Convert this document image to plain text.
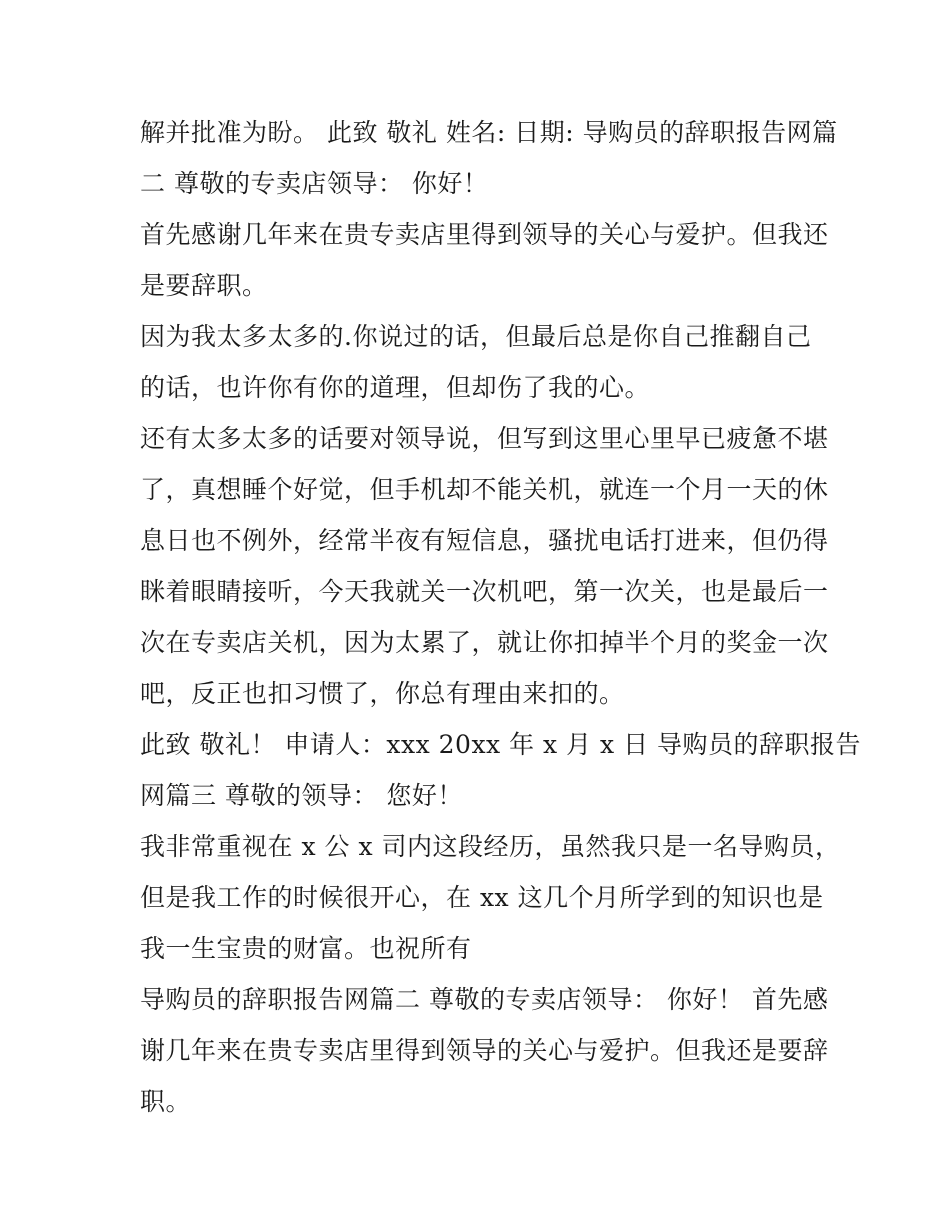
解并批准为盼。 此致 敬礼 姓名: 日期: 导购员的辞职报告网篇
二 尊敬的专卖店领导： 你好！
首先感谢几年来在贵专卖店里得到领导的关心与爱护。但我还
是要辞职。
因为我太多太多的.你说过的话，但最后总是你自己推翻自己
的话，也许你有你的道理，但却伤了我的心。
还有太多太多的话要对领导说，但写到这里心里早已疲惫不堪
了，真想睡个好觉，但手机却不能关机，就连一个月一天的休
息日也不例外，经常半夜有短信息，骚扰电话打进来，但仍得
眯着眼睛接听，今天我就关一次机吧，第一次关，也是最后一
次在专卖店关机，因为太累了，就让你扣掉半个月的奖金一次
吧，反正也扣习惯了，你总有理由来扣的。
此致 敬礼！ 申请人：xxx 20xx 年 x 月 x 日 导购员的辞职报告
网篇三 尊敬的领导： 您好！
我非常重视在 x 公 x 司内这段经历，虽然我只是一名导购员，
但是我工作的时候很开心，在 xx 这几个月所学到的知识也是
我一生宝贵的财富。也祝所有
导购员的辞职报告网篇二 尊敬的专卖店领导： 你好！ 首先感
谢几年来在贵专卖店里得到领导的关心与爱护。但我还是要辞
职。
